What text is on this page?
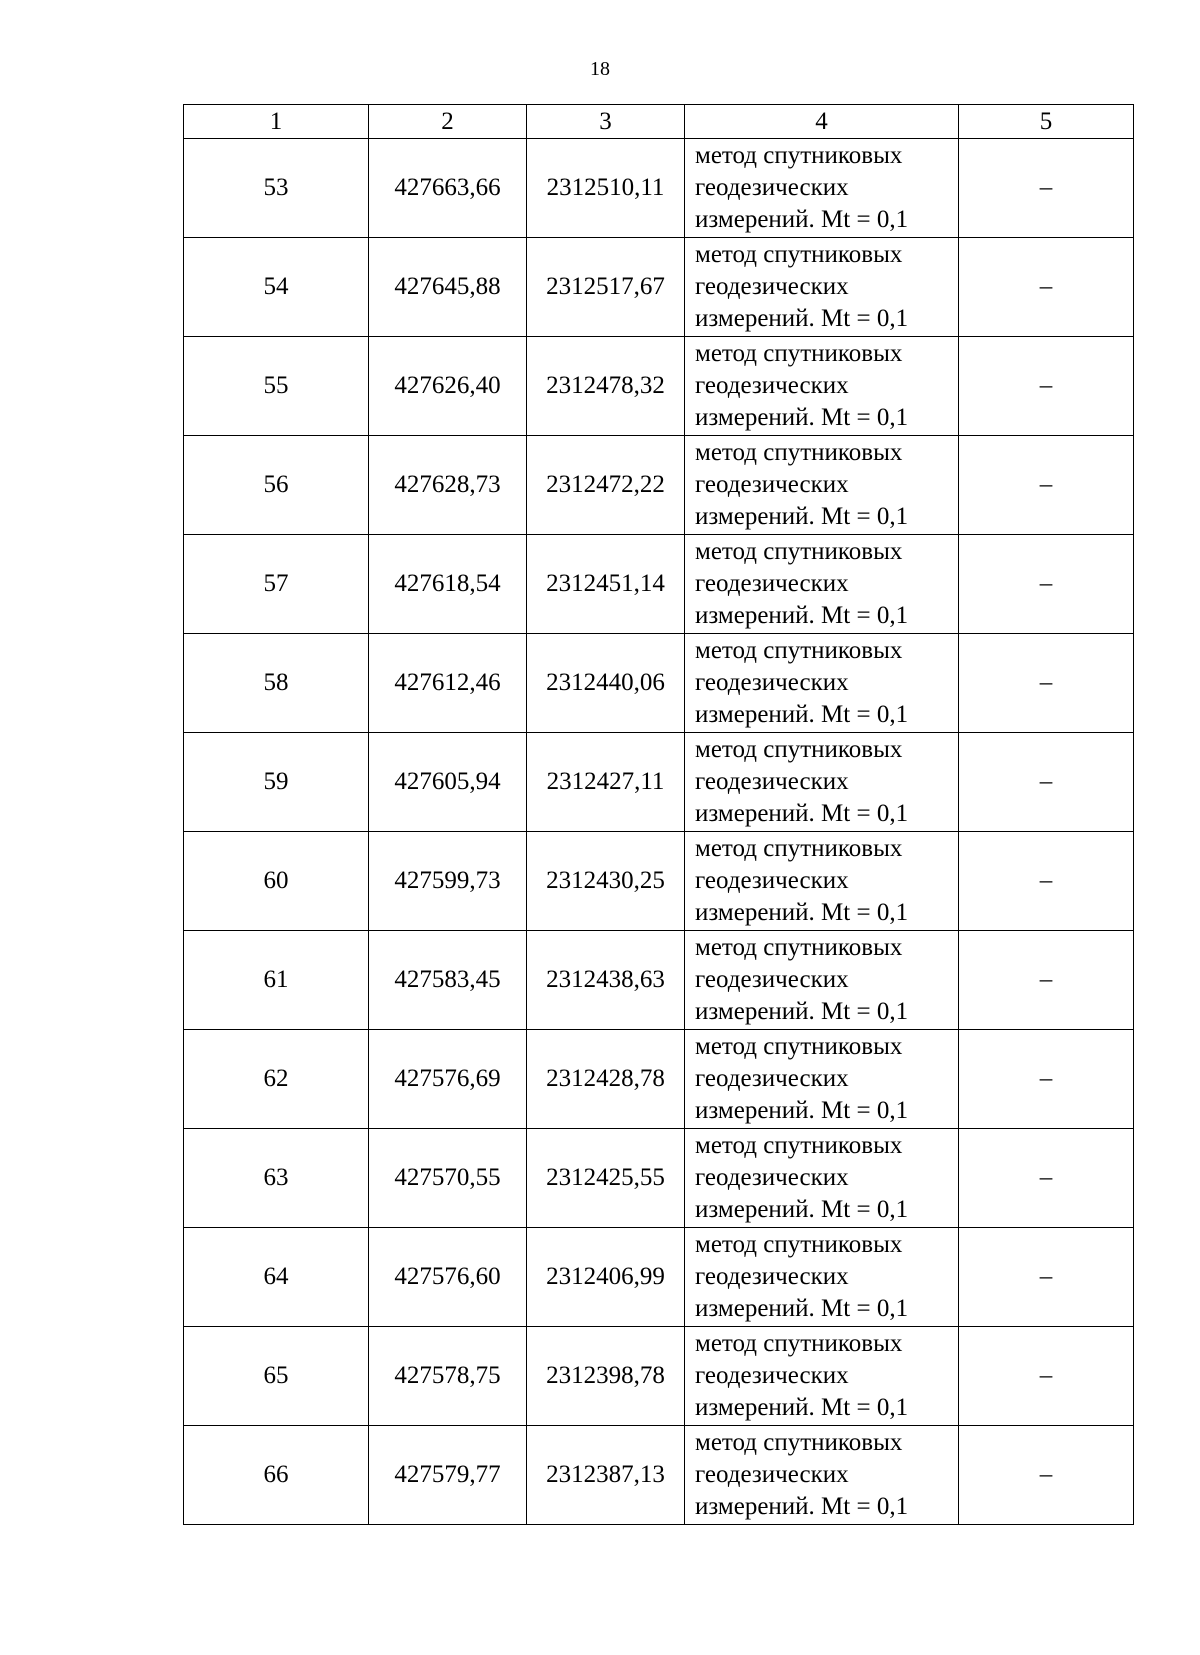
18
1	2	3	4	5
53	427663,66	2312510,11	метод спутниковых
геодезических
измерений. Mt = 0,1	–
54	427645,88	2312517,67	метод спутниковых
геодезических
измерений. Mt = 0,1	–
55	427626,40	2312478,32	метод спутниковых
геодезических
измерений. Mt = 0,1	–
56	427628,73	2312472,22	метод спутниковых
геодезических
измерений. Mt = 0,1	–
57	427618,54	2312451,14	метод спутниковых
геодезических
измерений. Mt = 0,1	–
58	427612,46	2312440,06	метод спутниковых
геодезических
измерений. Mt = 0,1	–
59	427605,94	2312427,11	метод спутниковых
геодезических
измерений. Mt = 0,1	–
60	427599,73	2312430,25	метод спутниковых
геодезических
измерений. Mt = 0,1	–
61	427583,45	2312438,63	метод спутниковых
геодезических
измерений. Mt = 0,1	–
62	427576,69	2312428,78	метод спутниковых
геодезических
измерений. Mt = 0,1	–
63	427570,55	2312425,55	метод спутниковых
геодезических
измерений. Mt = 0,1	–
64	427576,60	2312406,99	метод спутниковых
геодезических
измерений. Mt = 0,1	–
65	427578,75	2312398,78	метод спутниковых
геодезических
измерений. Mt = 0,1	–
66	427579,77	2312387,13	метод спутниковых
геодезических
измерений. Mt = 0,1	–
